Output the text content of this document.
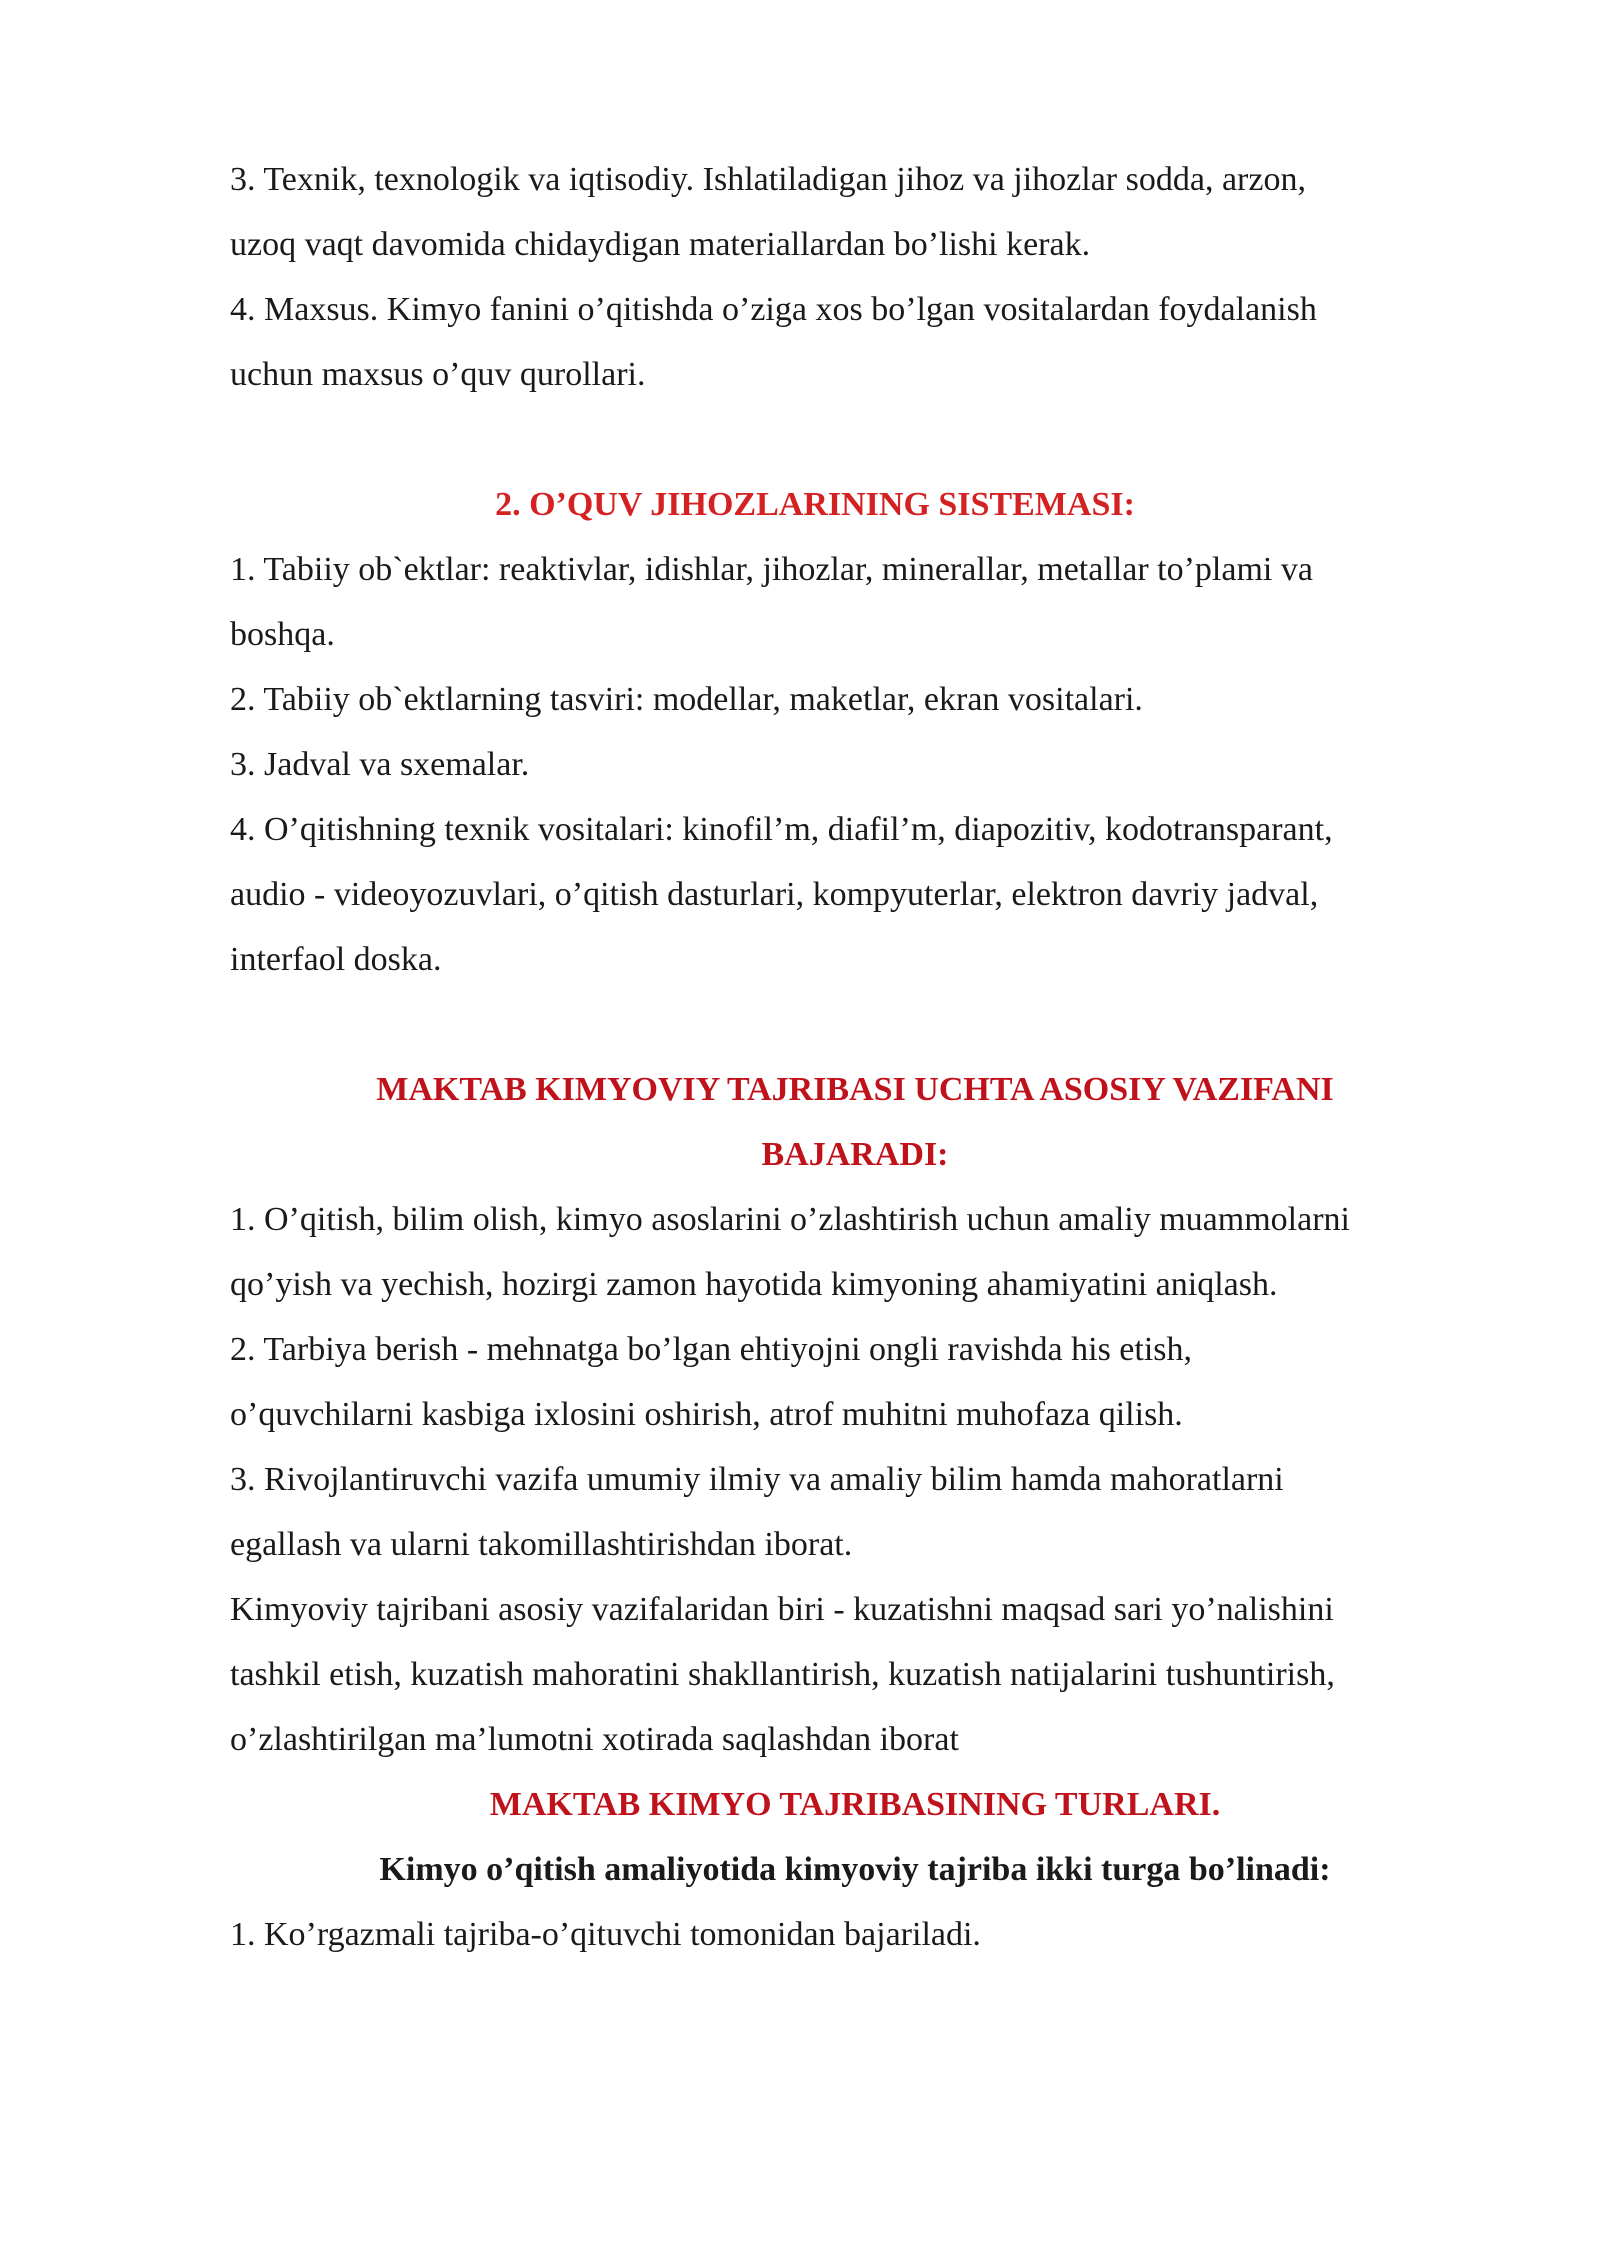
3. Texnik, texnologik va iqtisodiy. Ishlatiladigan jihoz va jihozlar sodda, arzon,

uzoq vaqt davomida chidaydigan materiallardan bo’lishi kerak.

4. Maxsus. Kimyo fanini o’qitishda o’ziga xos bo’lgan vositalardan foydalanish

uchun maxsus o’quv qurollari.

2. O’QUV JIHOZLARINING SISTEMASI:

1. Tabiiy ob`ektlar: reaktivlar, idishlar, jihozlar, minerallar, metallar to’plami va

boshqa.

2. Tabiiy ob`ektlarning tasviri: modellar, maketlar, ekran vositalari.

3. Jadval va sxemalar.

4. O’qitishning texnik vositalari: kinofil’m, diafil’m, diapozitiv, kodotransparant,

audio - videoyozuvlari, o’qitish dasturlari, kompyuterlar, elektron davriy jadval,

interfaol doska.

MAKTAB KIMYOVIY TAJRIBASI UCHTA ASOSIY VAZIFANI

BAJARADI:

1. O’qitish, bilim olish, kimyo asoslarini o’zlashtirish uchun amaliy muammolarni

qo’yish va yechish, hozirgi zamon hayotida kimyoning ahamiyatini aniqlash.

2. Tarbiya berish - mehnatga bo’lgan ehtiyojni ongli ravishda his etish,

o’quvchilarni kasbiga ixlosini oshirish, atrof muhitni muhofaza qilish.

3. Rivojlantiruvchi vazifa umumiy ilmiy va amaliy bilim hamda mahoratlarni

egallash va ularni takomillashtirishdan iborat.

Kimyoviy tajribani asosiy vazifalaridan biri - kuzatishni maqsad sari yo’nalishini

tashkil etish, kuzatish mahoratini shakllantirish, kuzatish natijalarini tushuntirish,

o’zlashtirilgan ma’lumotni xotirada saqlashdan iborat

MAKTAB KIMYO TAJRIBASINING TURLARI.

Kimyo o’qitish amaliyotida kimyoviy tajriba ikki turga bo’linadi:

1. Ko’rgazmali tajriba-o’qituvchi tomonidan bajariladi.
